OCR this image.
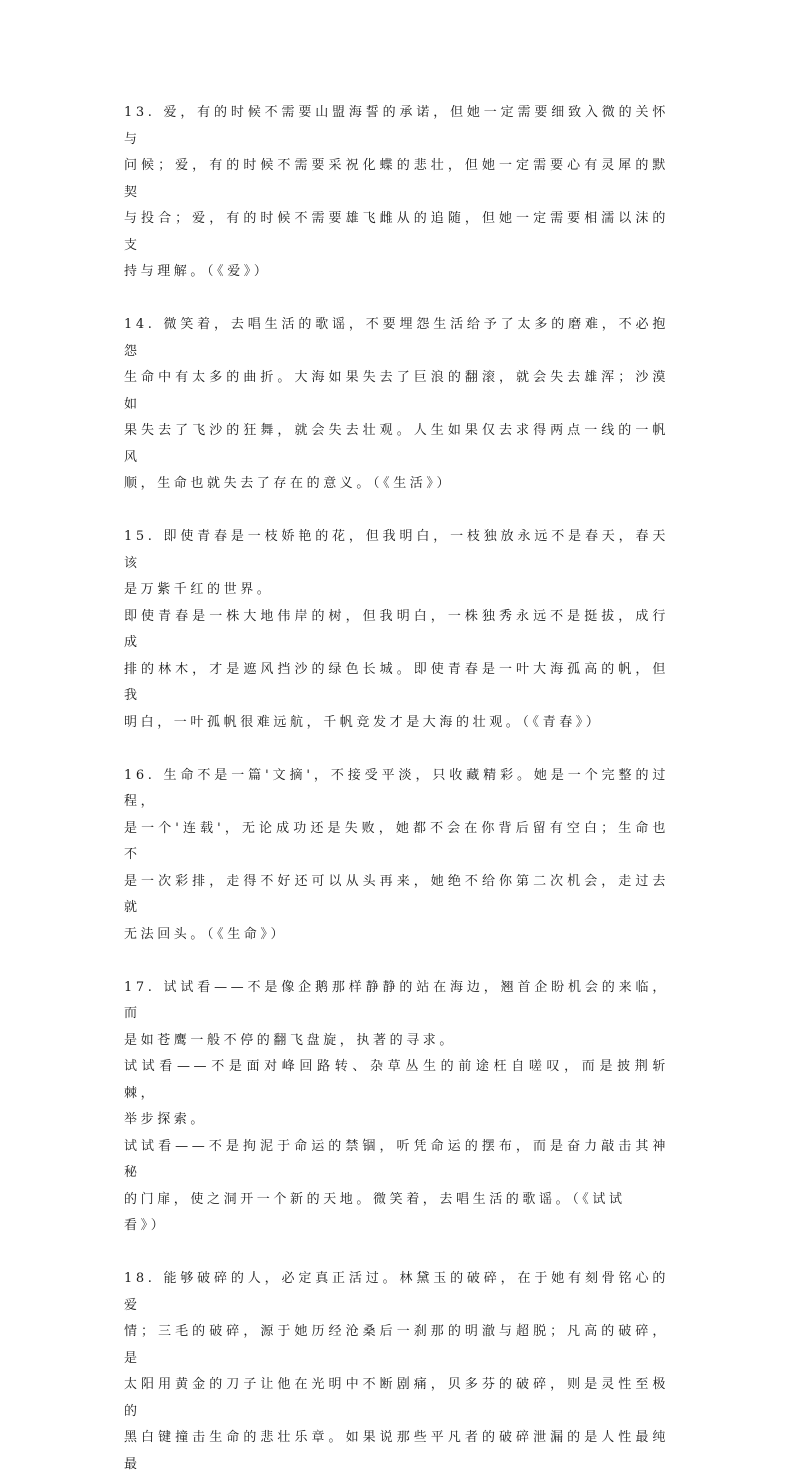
13. 爱，有的时候不需要山盟海誓的承诺，但她一定需要细致入微的关怀与
问候；爱，有的时候不需要采祝化蝶的悲壮，但她一定需要心有灵犀的默契
与投合；爱，有的时候不需要雄飞雌从的追随，但她一定需要相濡以沫的支
持与理解。（《爱》）
14. 微笑着，去唱生活的歌谣，不要埋怨生活给予了太多的磨难，不必抱怨
生命中有太多的曲折。大海如果失去了巨浪的翻滚，就会失去雄浑；沙漠如
果失去了飞沙的狂舞，就会失去壮观。人生如果仅去求得两点一线的一帆风
顺，生命也就失去了存在的意义。（《生活》）
15. 即使青春是一枝娇艳的花，但我明白，一枝独放永远不是春天，春天该
是万紫千红的世界。
即使青春是一株大地伟岸的树，但我明白，一株独秀永远不是挺拔，成行成
排的林木，才是遮风挡沙的绿色长城。即使青春是一叶大海孤高的帆，但我
明白，一叶孤帆很难远航，千帆竞发才是大海的壮观。（《青春》）
16. 生命不是一篇'文摘'，不接受平淡，只收藏精彩。她是一个完整的过程，
是一个'连载'，无论成功还是失败，她都不会在你背后留有空白；生命也不
是一次彩排，走得不好还可以从头再来，她绝不给你第二次机会，走过去就
无法回头。（《生命》）
17. 试试看——不是像企鹅那样静静的站在海边，翘首企盼机会的来临，而
是如苍鹰一般不停的翻飞盘旋，执著的寻求。
试试看——不是面对峰回路转、杂草丛生的前途枉自嗟叹，而是披荆斩棘，
举步探索。
试试看——不是拘泥于命运的禁锢，听凭命运的摆布，而是奋力敲击其神秘
的门扉，使之洞开一个新的天地。微笑着，去唱生活的歌谣。（《试试
看》）
18. 能够破碎的人，必定真正活过。林黛玉的破碎，在于她有刻骨铭心的爱
情；三毛的破碎，源于她历经沧桑后一刹那的明澈与超脱；凡高的破碎，是
太阳用黄金的刀子让他在光明中不断剧痛，贝多芬的破碎，则是灵性至极的
黑白键撞击生命的悲壮乐章。如果说那些平凡者的破碎泄漏的是人性最纯最
